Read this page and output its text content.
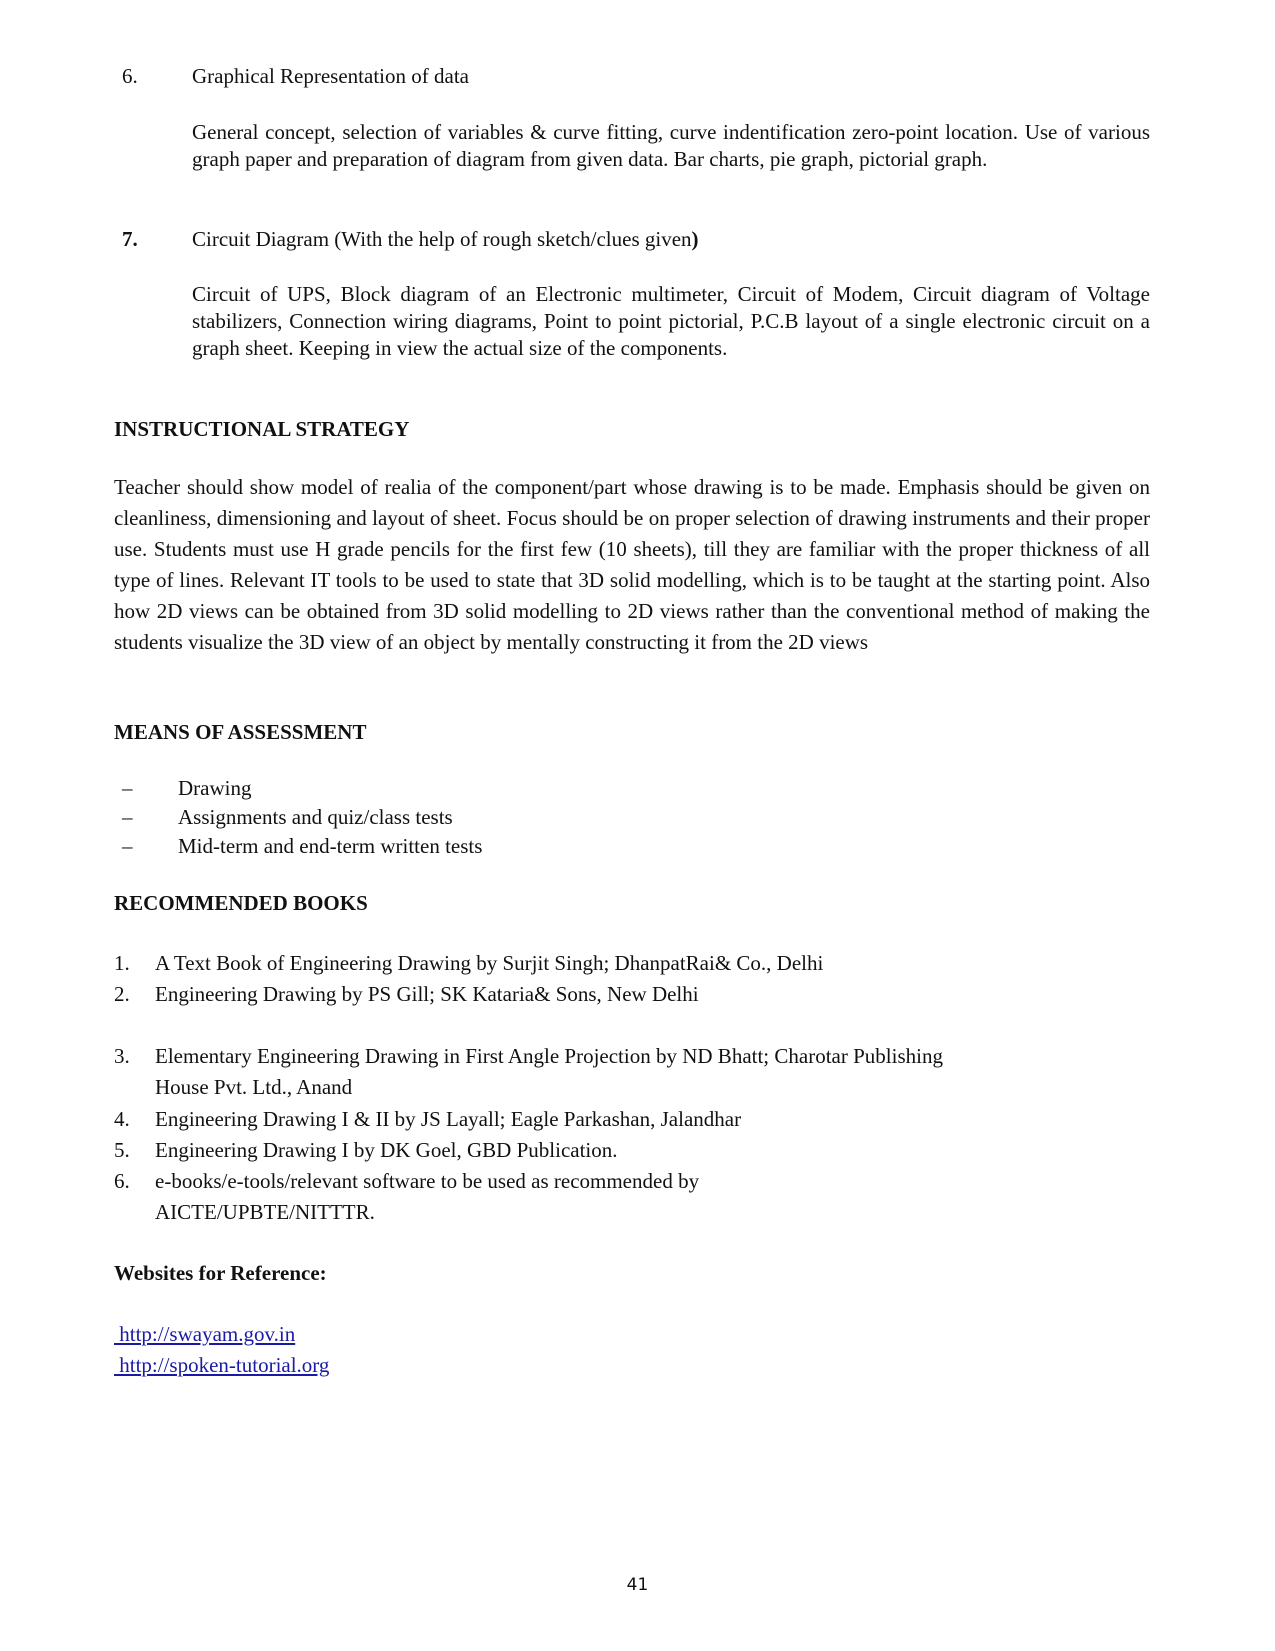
6.	Graphical Representation of data
General concept, selection of variables & curve fitting, curve indentification zero-point location. Use of various graph paper and preparation of diagram from given data. Bar charts, pie graph, pictorial graph.
7.	Circuit Diagram (With the help of rough sketch/clues given)
Circuit of UPS, Block diagram of an Electronic multimeter, Circuit of Modem, Circuit diagram of Voltage stabilizers, Connection wiring diagrams, Point to point pictorial, P.C.B layout of a single electronic circuit on a graph sheet. Keeping in view the actual size of the components.
INSTRUCTIONAL STRATEGY
Teacher should show model of realia of the component/part whose drawing is to be made. Emphasis should be given on cleanliness, dimensioning and layout of sheet. Focus should be on proper selection of drawing instruments and their proper use. Students must use H grade pencils for the first few (10 sheets), till they are familiar with the proper thickness of all type of lines. Relevant IT tools to be used to state that 3D solid modelling, which is to be taught at the starting point. Also how 2D views can be obtained from 3D solid modelling to 2D views rather than the conventional method of making the students visualize the 3D view of an object by mentally constructing it from the 2D views
MEANS OF ASSESSMENT
– Drawing
– Assignments and quiz/class tests
– Mid-term and end-term written tests
RECOMMENDED BOOKS
1. A Text Book of Engineering Drawing by Surjit Singh; DhanpatRai& Co., Delhi
2. Engineering Drawing by PS Gill; SK Kataria& Sons, New Delhi
3. Elementary Engineering Drawing in First Angle Projection by ND Bhatt; Charotar Publishing House Pvt. Ltd., Anand
4. Engineering Drawing I & II by JS Layall; Eagle Parkashan, Jalandhar
5. Engineering Drawing I by DK Goel, GBD Publication.
6. e-books/e-tools/relevant software to be used as recommended by AICTE/UPBTE/NITTTR.
Websites for Reference:
http://swayam.gov.in
http://spoken-tutorial.org
41
